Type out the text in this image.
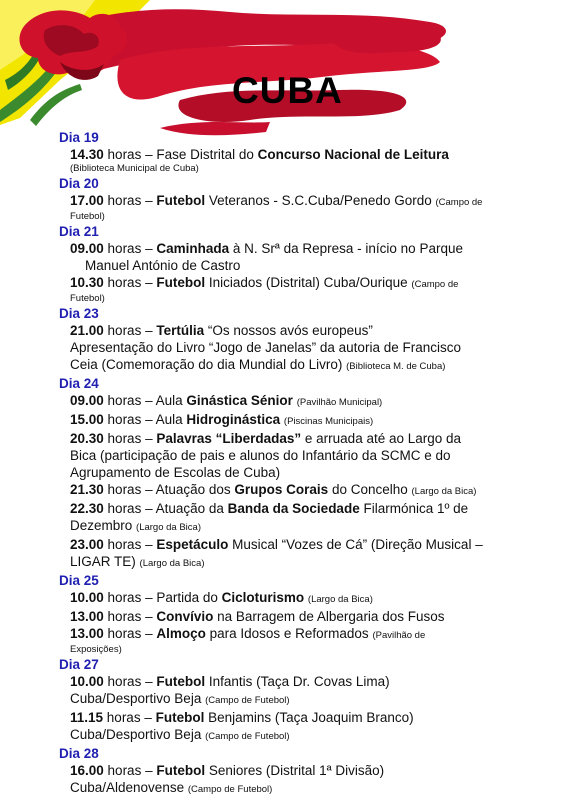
CUBA
Dia 19
14.30 horas – Fase Distrital do Concurso Nacional de Leitura
(Biblioteca Municipal de Cuba)
Dia 20
17.00 horas – Futebol Veteranos - S.C.Cuba/Penedo Gordo (Campo de
Futebol)
Dia 21
09.00 horas – Caminhada à N. Srª da Represa - início no Parque
Manuel António de Castro
10.30 horas – Futebol Iniciados (Distrital) Cuba/Ourique (Campo de
Futebol)
Dia 23
21.00 horas – Tertúlia “Os nossos avós europeus”
Apresentação do Livro “Jogo de Janelas” da autoria de Francisco
Ceia (Comemoração do dia Mundial do Livro) (Biblioteca M. de Cuba)
Dia 24
09.00 horas – Aula Ginástica Sénior (Pavilhão Municipal)
15.00 horas – Aula Hidroginástica (Piscinas Municipais)
20.30 horas – Palavras “Liberdadas” e arruada até ao Largo da
Bica (participação de pais e alunos do Infantário da SCMC e do
Agrupamento de Escolas de Cuba)
21.30 horas – Atuação dos Grupos Corais do Concelho (Largo da Bica)
22.30 horas – Atuação da Banda da Sociedade Filarmónica 1º de
Dezembro (Largo da Bica)
23.00 horas – Espetáculo Musical “Vozes de Cá” (Direção Musical –
LIGAR TE) (Largo da Bica)
Dia 25
10.00 horas – Partida do Cicloturismo (Largo da Bica)
13.00 horas – Convívio na Barragem de Albergaria dos Fusos
13.00 horas – Almoço para Idosos e Reformados (Pavilhão de
Exposições)
Dia 27
10.00 horas – Futebol Infantis (Taça Dr. Covas Lima)
Cuba/Desportivo Beja (Campo de Futebol)
11.15 horas – Futebol Benjamins (Taça Joaquim Branco)
Cuba/Desportivo Beja (Campo de Futebol)
Dia 28
16.00 horas – Futebol Seniores (Distrital 1ª Divisão)
Cuba/Aldenovense (Campo de Futebol)
